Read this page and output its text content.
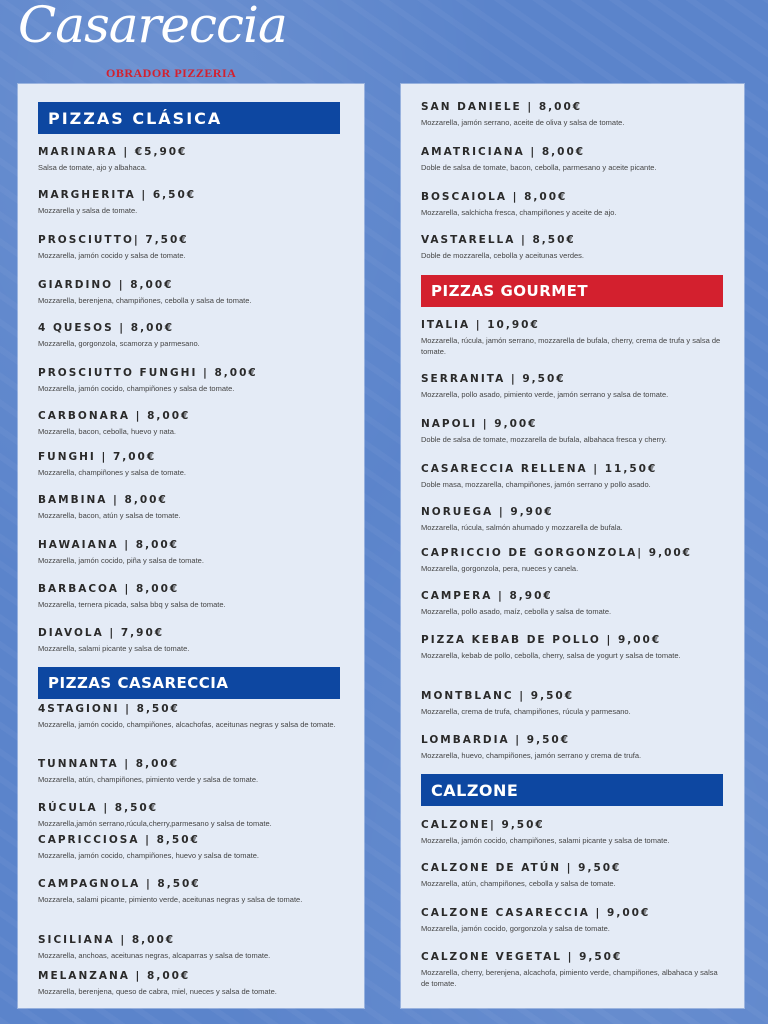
Casareccia
OBRADOR PIZZERIA
PIZZAS CLÁSICA
MARINARA | €5,90€
Salsa de tomate, ajo y albahaca.
MARGHERITA | 6,50€
Mozzarella y salsa de tomate.
PROSCIUTTO| 7,50€
Mozzarella, jamón cocido y salsa de tomate.
GIARDINO | 8,00€
Mozzarella, berenjena, champiñones, cebolla y salsa de tomate.
4 QUESOS | 8,00€
Mozzarella, gorgonzola, scamorza y parmesano.
PROSCIUTTO FUNGHI | 8,00€
Mozzarella, jamón cocido, champiñones y salsa de tomate.
CARBONARA | 8,00€
Mozzarella, bacon, cebolla, huevo y nata.
FUNGHI | 7,00€
Mozzarella, champiñones y salsa de tomate.
BAMBINA | 8,00€
Mozzarella, bacon, atún y salsa de tomate.
HAWAIANA | 8,00€
Mozzarella, jamón cocido, piña y salsa de tomate.
BARBACOA | 8,00€
Mozzarella, ternera picada, salsa bbq y salsa de tomate.
DIAVOLA | 7,90€
Mozzarella, salami picante y salsa de tomate.
PIZZAS CASARECCIA
4STAGIONI | 8,50€
Mozzarella, jamón cocido, champiñones, alcachofas, aceitunas negras y salsa de tomate.
TUNNANTA | 8,00€
Mozzarella, atún, champiñones, pimiento verde y salsa de tomate.
RÚCULA | 8,50€
Mozzarella,jamón serrano,rúcula,cherry,parmesano y salsa de tomate.
CAPRICCIOSA | 8,50€
Mozzarella, jamón cocido, champiñones, huevo y salsa de tomate.
CAMPAGNOLA | 8,50€
Mozzarela, salami picante, pimiento verde, aceitunas negras y salsa de tomate.
SICILIANA | 8,00€
Mozzarella, anchoas, aceitunas negras, alcaparras y salsa de tomate.
MELANZANA | 8,00€
Mozzarella, berenjena, queso de cabra, miel, nueces y salsa de tomate.
SAN DANIELE | 8,00€
Mozzarella, jamón serrano, aceite de oliva y salsa de tomate.
AMATRICIANA | 8,00€
Doble de salsa de tomate, bacon, cebolla, parmesano y aceite picante.
BOSCAIOLA | 8,00€
Mozzarella, salchicha fresca, champiñones y aceite de ajo.
VASTARELLA | 8,50€
Doble de mozzarella, cebolla y aceitunas verdes.
PIZZAS GOURMET
ITALIA | 10,90€
Mozzarella, rúcula, jamón serrano, mozzarella de bufala, cherry, crema de trufa y salsa de tomate.
SERRANITA | 9,50€
Mozzarella, pollo asado, pimiento verde, jamón serrano y salsa de tomate.
NAPOLI | 9,00€
Doble de salsa de tomate, mozzarella de bufala, albahaca fresca y cherry.
CASARECCIA RELLENA | 11,50€
Doble masa, mozzarella, champiñones, jamón serrano y pollo asado.
NORUEGA | 9,90€
Mozzarella, rúcula, salmón ahumado y mozzarella de bufala.
CAPRICCIO DE GORGONZOLA| 9,00€
Mozzarella, gorgonzola, pera, nueces y canela.
CAMPERA | 8,90€
Mozzarella, pollo asado, maíz, cebolla y salsa de tomate.
PIZZA KEBAB DE POLLO | 9,00€
Mozzarella, kebab de pollo, cebolla, cherry, salsa de yogurt y salsa de tomate.
MONTBLANC | 9,50€
Mozzarella, crema de trufa, champiñones, rúcula y parmesano.
LOMBARDIA | 9,50€
Mozzarella, huevo, champiñones, jamón serrano y crema de trufa.
CALZONE
CALZONE| 9,50€
Mozzarella, jamón cocido, champiñones, salami picante y salsa de tomate.
CALZONE DE ATÚN | 9,50€
Mozzarella, atún, champiñones, cebolla y salsa de tomate.
CALZONE CASARECCIA | 9,00€
Mozzarella, jamón cocido, gorgonzola y salsa de tomate.
CALZONE VEGETAL | 9,50€
Mozzarella, cherry, berenjena, alcachofa, pimiento verde, champiñones, albahaca y salsa de tomate.
